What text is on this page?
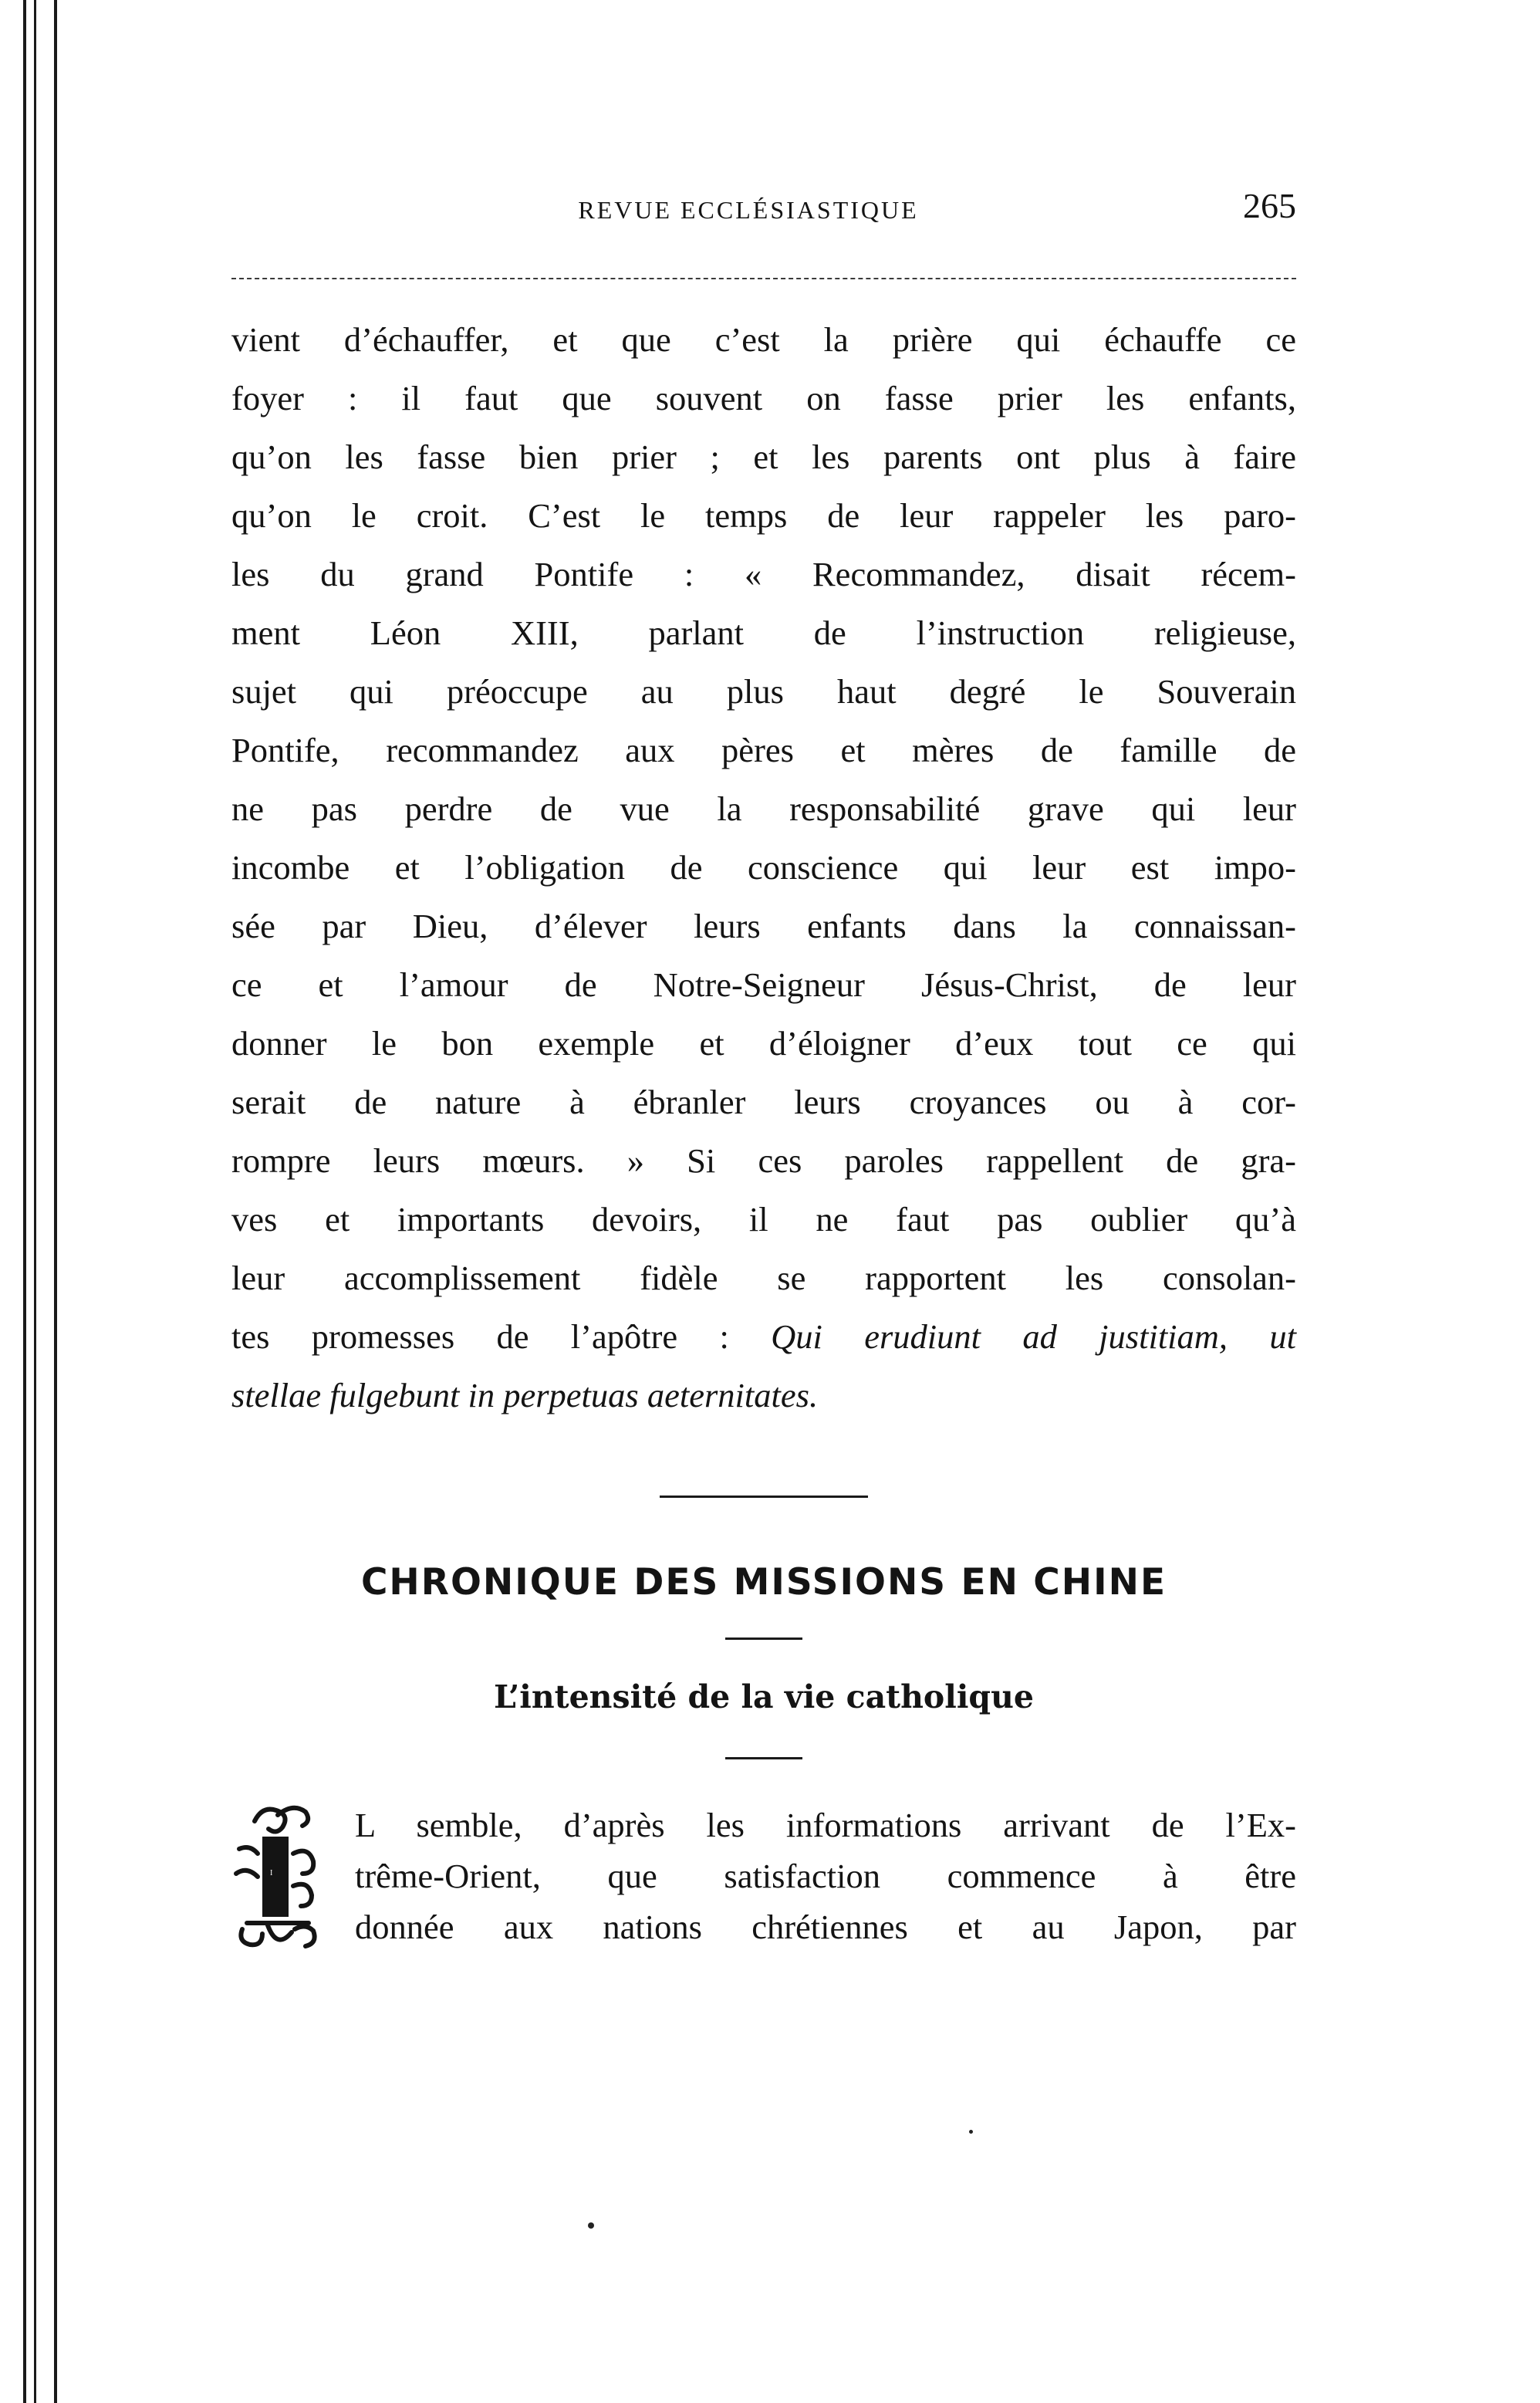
REVUE ECCLÉSIASTIQUE	265
vient d’échauffer, et que c’est la prière qui échauffe ce
foyer : il faut que souvent on fasse prier les enfants,
qu’on les fasse bien prier ; et les parents ont plus à faire
qu’on le croit. C’est le temps de leur rappeler les paro-
les du grand Pontife : « Recommandez, disait récem-
ment Léon XIII, parlant de l’instruction religieuse,
sujet qui préoccupe au plus haut degré le Souverain
Pontife, recommandez aux pères et mères de famille de
ne pas perdre de vue la responsabilité grave qui leur
incombe et l’obligation de conscience qui leur est impo-
sée par Dieu, d’élever leurs enfants dans la connaissan-
ce et l’amour de Notre-Seigneur Jésus-Christ, de leur
donner le bon exemple et d’éloigner d’eux tout ce qui
serait de nature à ébranler leurs croyances ou à cor-
rompre leurs mœurs. » Si ces paroles rappellent de gra-
ves et importants devoirs, il ne faut pas oublier qu’à
leur accomplissement fidèle se rapportent les consolan-
tes promesses de l’apôtre : Qui erudiunt ad justitiam, ut
stellae fulgebunt in perpetuas aeternitates.
CHRONIQUE DES MISSIONS EN CHINE
L’intensité de la vie catholique
I
L semble, d’après les informations arrivant de l’Ex-
trême-Orient, que satisfaction commence à être
donnée aux nations chrétiennes et au Japon, par
